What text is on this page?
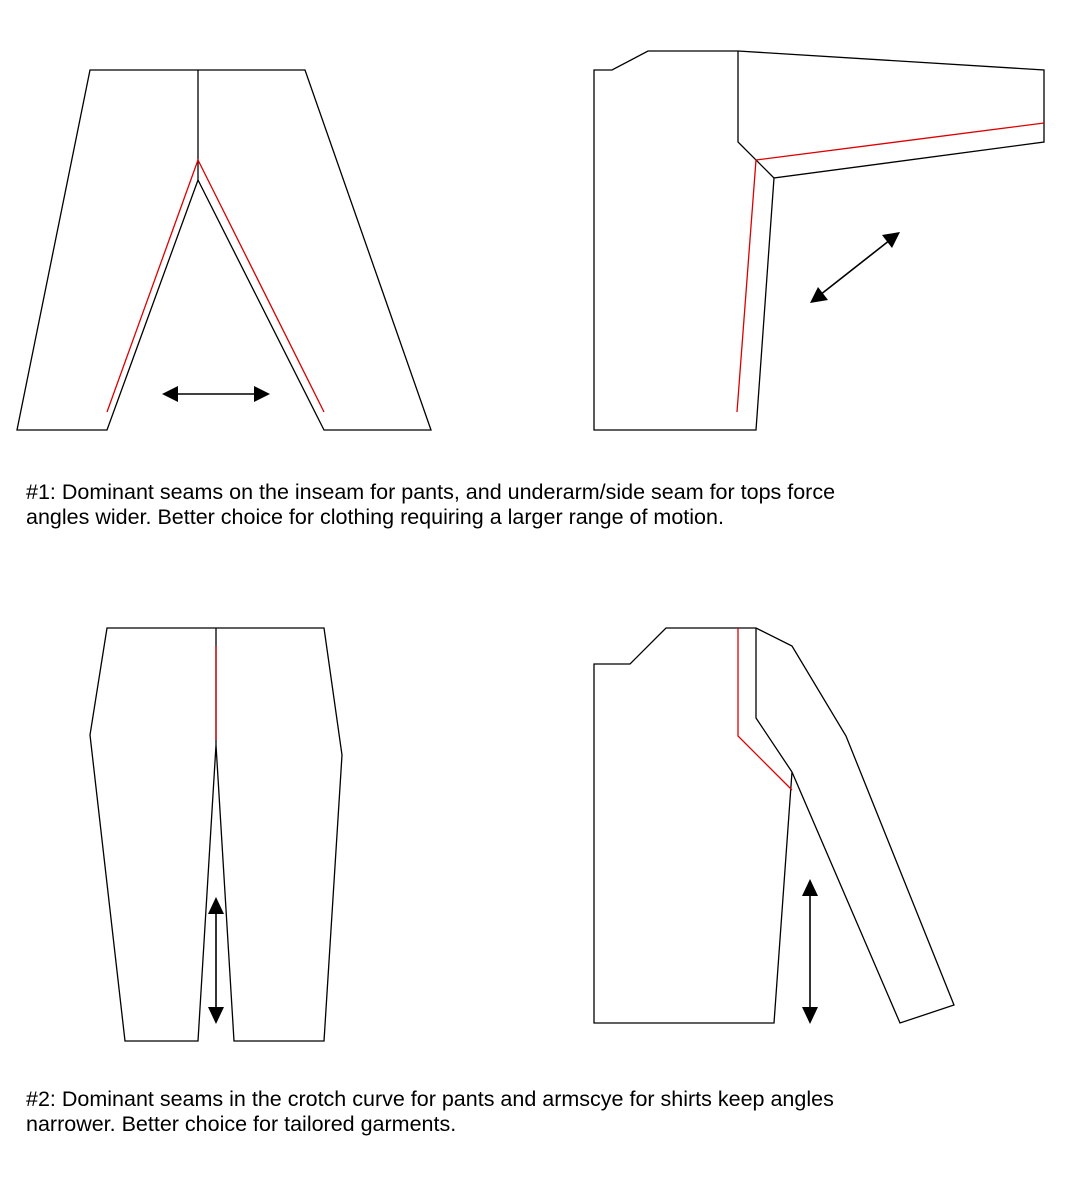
#1: Dominant seams on the inseam for pants, and underarm/side seam for tops force
angles wider. Better choice for clothing requiring a larger range of motion.

#2: Dominant seams in the crotch curve for pants and armscye for shirts keep angles
narrower. Better choice for tailored garments.
